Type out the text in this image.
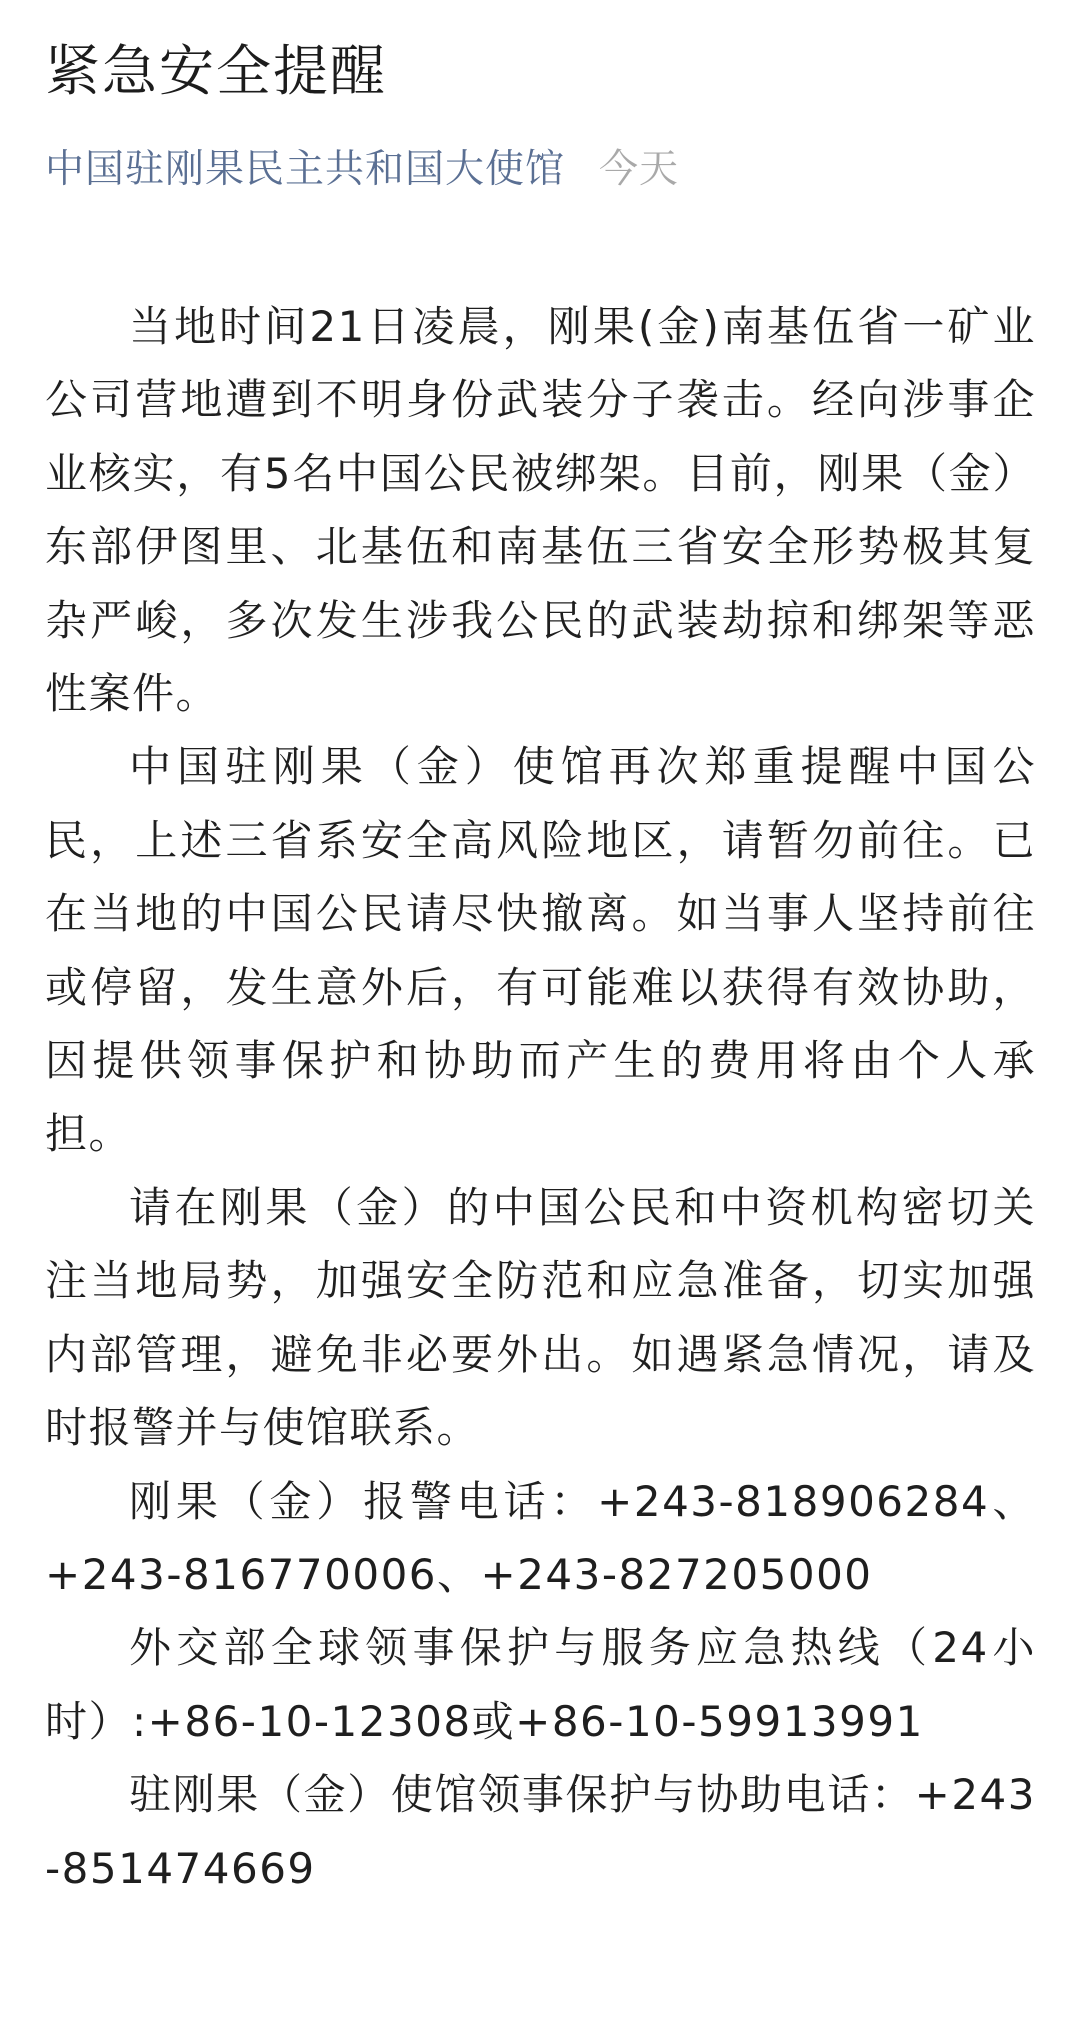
紧急安全提醒
中国驻刚果民主共和国大使馆 今天

当地时间21日凌晨，刚果(金)南基伍省一矿业公司营地遭到不明身份武装分子袭击。经向涉事企业核实，有5名中国公民被绑架。目前，刚果（金）东部伊图里、北基伍和南基伍三省安全形势极其复杂严峻，多次发生涉我公民的武装劫掠和绑架等恶性案件。

中国驻刚果（金）使馆再次郑重提醒中国公民，上述三省系安全高风险地区，请暂勿前往。已在当地的中国公民请尽快撤离。如当事人坚持前往或停留，发生意外后，有可能难以获得有效协助，因提供领事保护和协助而产生的费用将由个人承担。

请在刚果（金）的中国公民和中资机构密切关注当地局势，加强安全防范和应急准备，切实加强内部管理，避免非必要外出。如遇紧急情况，请及时报警并与使馆联系。

刚果（金）报警电话：+243-818906284、+243-816770006、+243-827205000

外交部全球领事保护与服务应急热线（24小时）:+86-10-12308或+86-10-59913991

驻刚果（金）使馆领事保护与协助电话：+243-851474669
